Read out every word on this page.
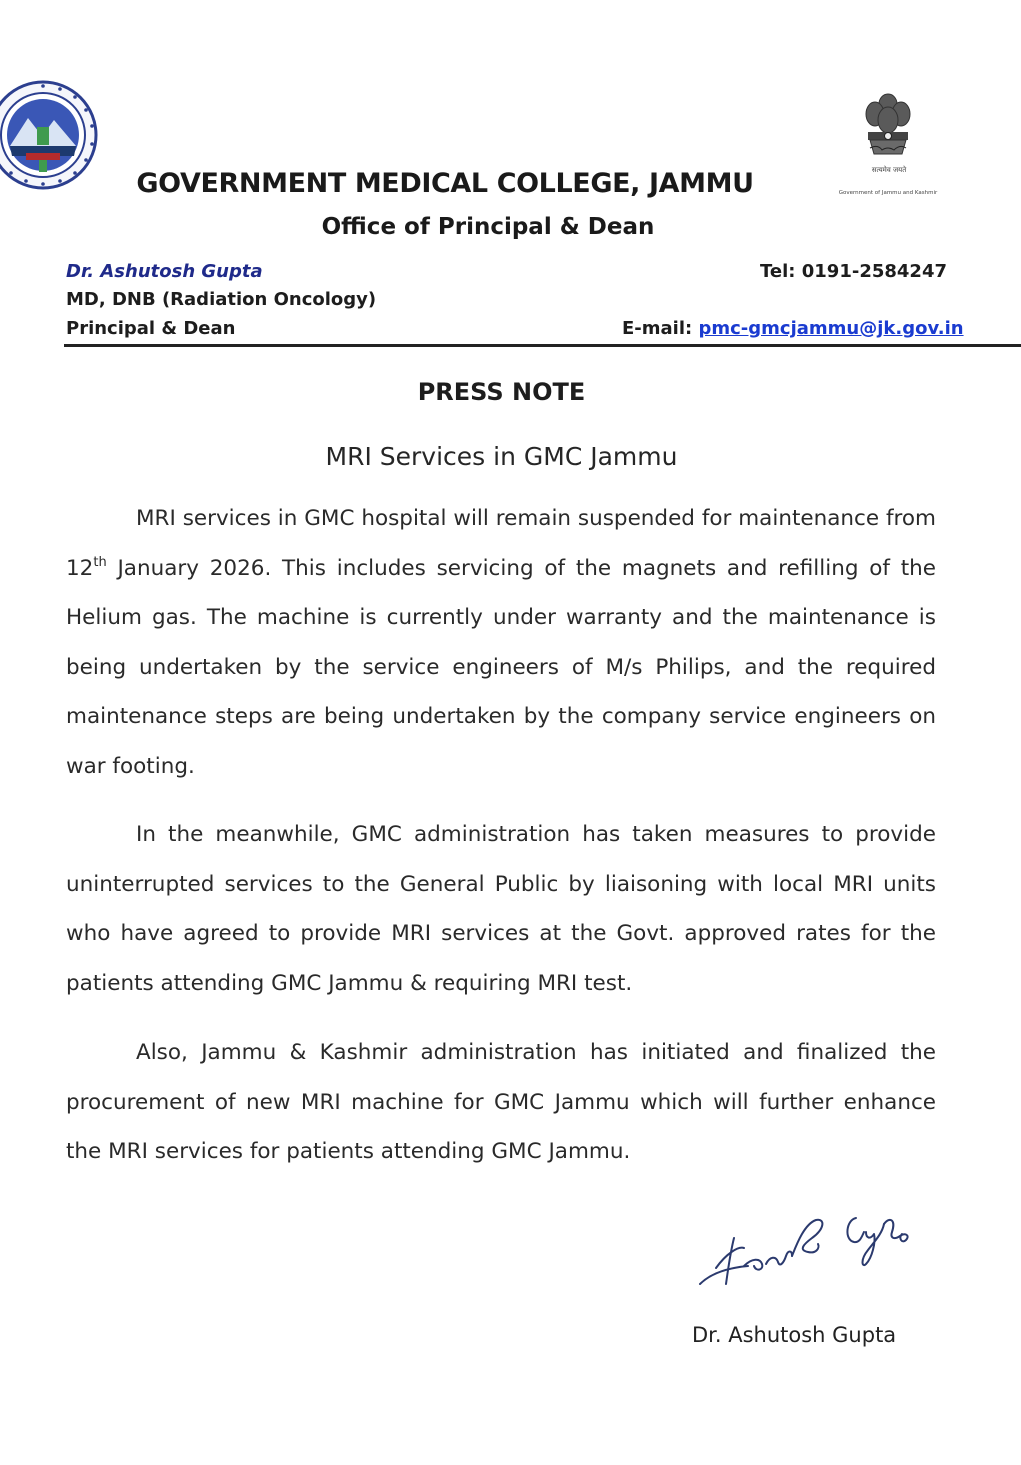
सत्यमेव जयते
Government of Jammu and Kashmir
GOVERNMENT MEDICAL COLLEGE, JAMMU
Office of Principal & Dean
Dr. Ashutosh Gupta
MD, DNB (Radiation Oncology)
Principal & Dean
Tel: 0191-2584247
E-mail: pmc-gmcjammu@jk.gov.in
PRESS NOTE
MRI Services in GMC Jammu

MRI services in GMC hospital will remain suspended for maintenance from 12th January 2026. This includes servicing of the magnets and refilling of the Helium gas. The machine is currently under warranty and the maintenance is being undertaken by the service engineers of M/s Philips, and the required maintenance steps are being undertaken by the company service engineers on war footing.

In the meanwhile, GMC administration has taken measures to provide uninterrupted services to the General Public by liaisoning with local MRI units who have agreed to provide MRI services at the Govt. approved rates for the patients attending GMC Jammu & requiring MRI test.

Also, Jammu & Kashmir administration has initiated and finalized the procurement of new MRI machine for GMC Jammu which will further enhance the MRI services for patients attending GMC Jammu.

Dr. Ashutosh Gupta
